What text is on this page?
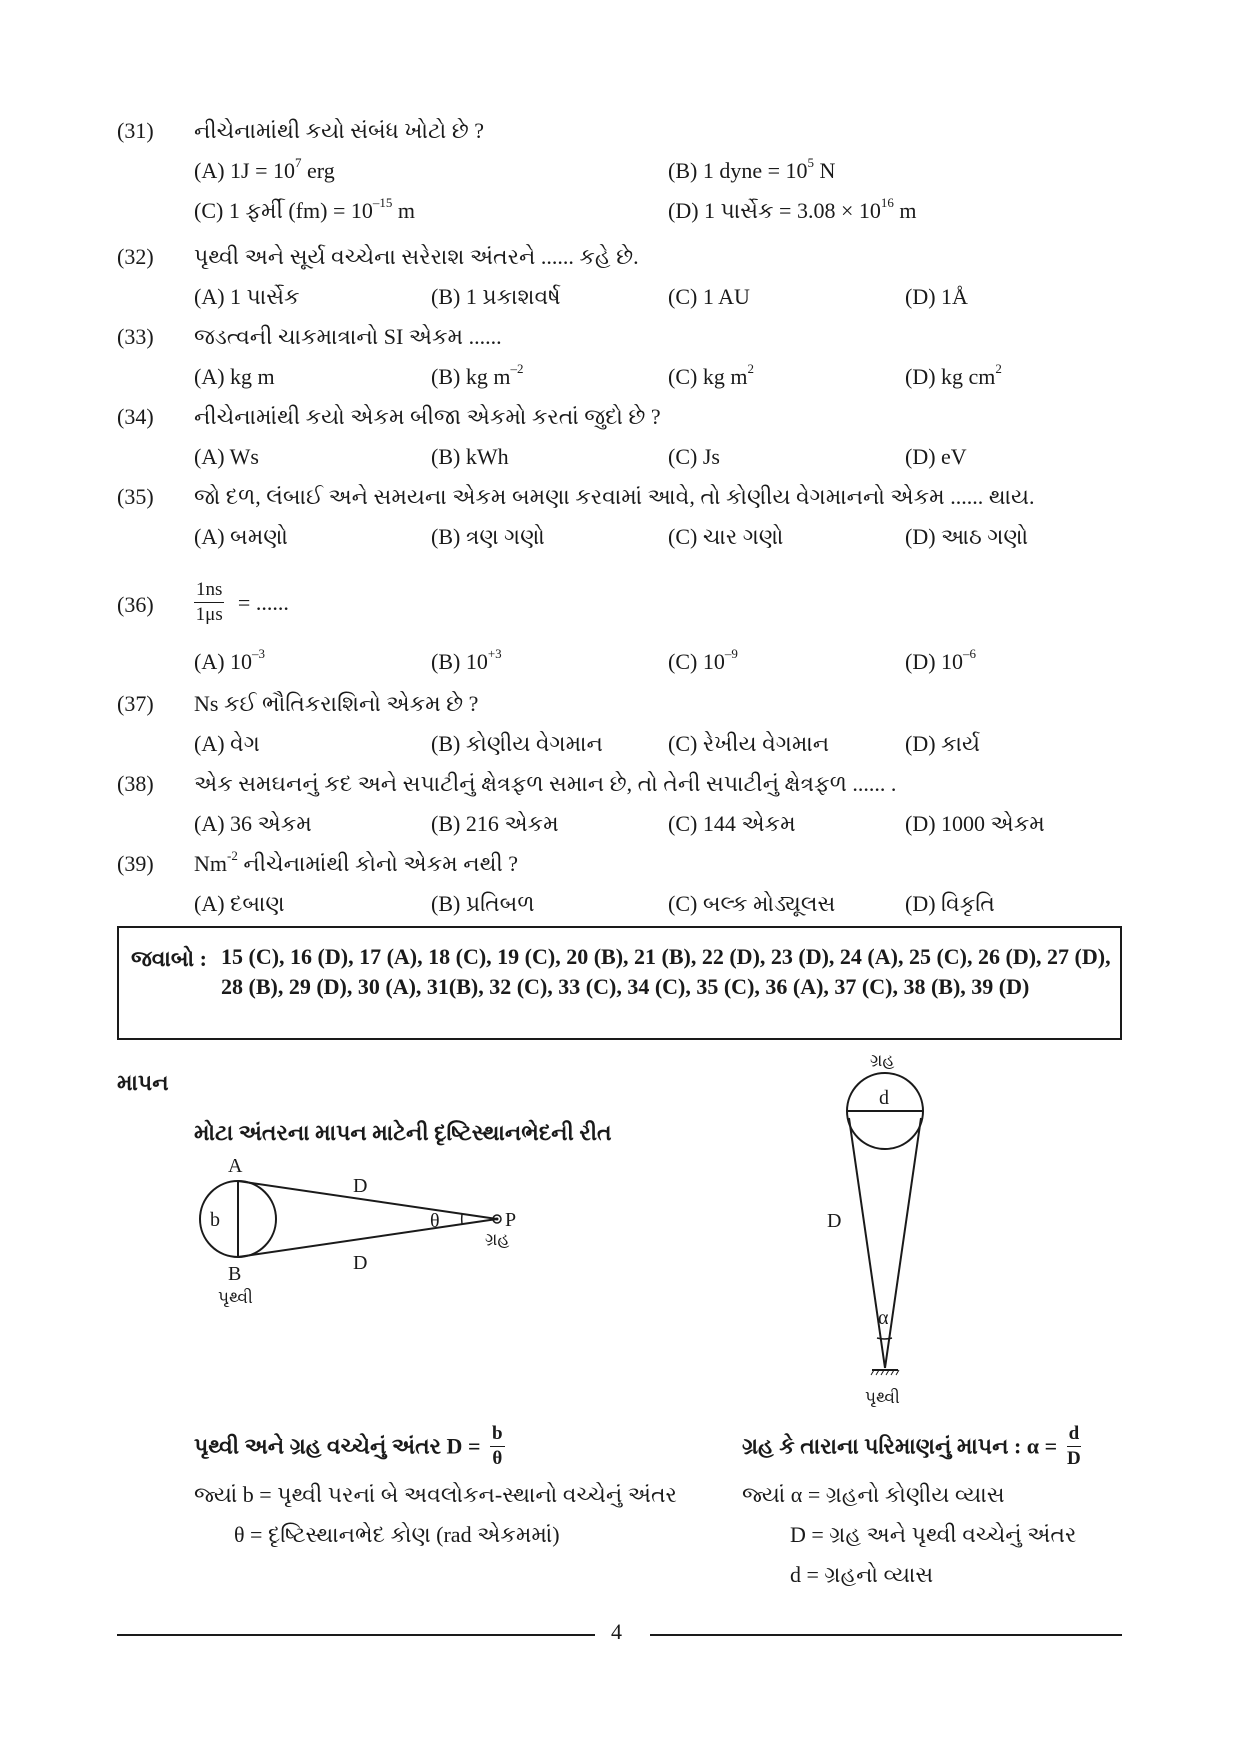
(31) નીચેનામાંથી કયો સંબંધ ખોટો છે ?
(A) $1J = 10^7$ erg	(B) 1 dyne = $10^5$ N
(C) 1 ફર્મી $(fm) = 10^{-15}$ m	(D) 1 પાર્સેક = $3.08 \times 10^{16}$ m
(32) પૃથ્વી અને સૂર્ય વચ્ચેના સરેરાશ અંતરને ...... કહે છે.
(A) 1 પાર્સેક	(B) 1 પ્રકાશવર્ષ	(C) 1 AU	(D) 1Å
(33) જડત્વની ચાકમાત્રાનો SI એકમ ......
(A) kg m	(B) kg $m^{-2}$	(C) kg $m^2$	(D) kg $cm^2$
(34) નીચેનામાંથી કયો એકમ બીજા એકમો કરતાં જુદો છે ?
(A) Ws	(B) kWh	(C) Js	(D) eV
(35) જો દળ, લંબાઈ અને સમયના એકમ બમણા કરવામાં આવે, તો કોણીય વેગમાનનો એકમ ...... થાય.
(A) બમણો	(B) ત્રણ ગણો	(C) ચાર ગણો	(D) આઠ ગણો
$(36) \frac{1ns}{1\mu s}$ = ......
(A) $10^{-3}$	(B) $10^{+3}$	(C) $10^{-9}$	(D) $10^{-6}$
(37) Ns કઈ ભૌતિકરાશિનો એકમ છે ?
(A) વેગ	(B) કોણીય વેગમાન	(C) રેખીય વેગમાન	(D) કાર્ય
(38) એક સમઘનનું કદ અને સપાટીનું ક્ષેત્રફળ સમાન છે, તો તેની સપાટીનું ક્ષેત્રફળ ...... .
(A) 36 એકમ	(B) 216 એકમ	(C) 144 એકમ	(D) 1000 એકમ
(39) $Nm^{-2}$ નીચેનામાંથી કોનો એકમ નથી ?
(A) દબાણ	(B) પ્રતિબળ	(C) બલ્ક મોડ્યૂલસ	(D) વિકૃતિ
જવાબો : 15 (C), 16 (D), 17 (A), 18 (C), 19 (C), 20 (B), 21 (B), 22 (D), 23 (D), 24 (A), 25 (C), 26 (D), 27 (D), 28 (B), 29 (D), 30 (A), 31(B), 32 (C), 33 (C), 34 (C), 35 (C), 36 (A), 37 (C), 38 (B), 39 (D)
માપન
મોટા અંતરના માપન માટેની દૃષ્ટિસ્થાનભેદની રીત
A
B
b
D
D
θ	P
ગ્રહ
પૃથ્વી
ગ્રહ
d
D
α
પૃથ્વી
પૃથ્વી અને ગ્રહ વચ્ચેનું અંતર $D = \frac{b}{\theta}$
જ્યાં b = પૃથ્વી પરનાં બે અવલોકન-સ્થાનો વચ્ચેનું અંતર
θ = દૃષ્ટિસ્થાનભેદ કોણ (rad એકમમાં)
ગ્રહ કે તારાના પરિમાણનું માપન : $\alpha = \frac{d}{D}$
જ્યાં α = ગ્રહનો કોણીય વ્યાસ
D = ગ્રહ અને પૃથ્વી વચ્ચેનું અંતર
d = ગ્રહનો વ્યાસ
4
